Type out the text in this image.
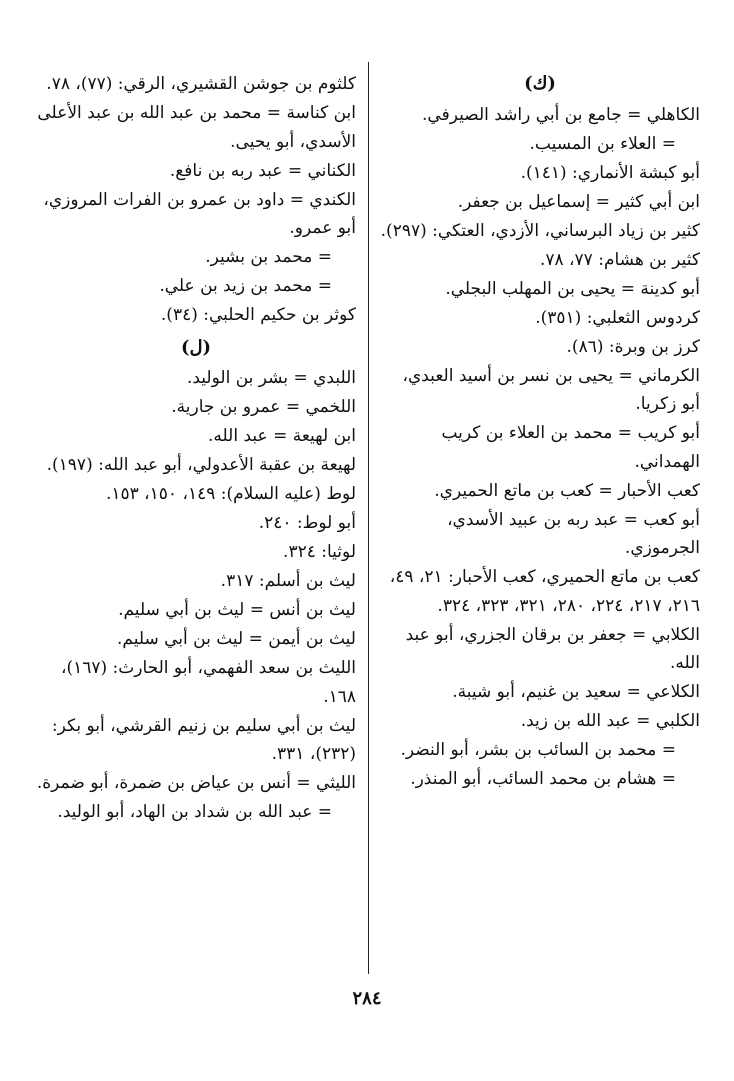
(ك)
الكاهلي = جامع بن أبي راشد الصيرفي.
= العلاء بن المسيب.
أبو كبشة الأنماري: (١٤١).
ابن أبي كثير = إسماعيل بن جعفر.
كثير بن زياد البرساني، الأزدي، العتكي: (٢٩٧).
كثير بن هشام: ٧٧، ٧٨.
أبو كدينة = يحيى بن المهلب البجلي.
كردوس الثعلبي: (٣٥١).
كرز بن وبرة: (٨٦).
الكرماني = يحيى بن نسر بن أسيد العبدي، أبو زكريا.
أبو كريب = محمد بن العلاء بن كريب الهمداني.
كعب الأحبار = كعب بن ماتع الحميري.
أبو كعب = عبد ربه بن عبيد الأسدي، الجرموزي.
كعب بن ماتع الحميري، كعب الأحبار: ٢١، ٤٩، ٢١٦، ٢١٧، ٢٢٤، ٢٨٠، ٣٢١، ٣٢٣، ٣٢٤.
الكلابي = جعفر بن برقان الجزري، أبو عبد الله.
الكلاعي = سعيد بن غنيم، أبو شيبة.
الكلبي = عبد الله بن زيد.
= محمد بن السائب بن بشر، أبو النضر.
= هشام بن محمد السائب، أبو المنذر.
كلثوم بن جوشن القشيري، الرقي: (٧٧)، ٧٨.
ابن كناسة = محمد بن عبد الله بن عبد الأعلى الأسدي، أبو يحيى.
الكناني = عبد ربه بن نافع.
الكندي = داود بن عمرو بن الفرات المروزي، أبو عمرو.
= محمد بن بشير.
= محمد بن زيد بن علي.
كوثر بن حكيم الحلبي: (٣٤).
(ل)
اللبدي = بشر بن الوليد.
اللخمي = عمرو بن جارية.
ابن لهيعة = عبد الله.
لهيعة بن عقبة الأعدولي، أبو عبد الله: (١٩٧).
لوط (عليه السلام): ١٤٩، ١٥٠، ١٥٣.
أبو لوط: ٢٤٠.
لوثيا: ٣٢٤.
ليث بن أسلم: ٣١٧.
ليث بن أنس = ليث بن أبي سليم.
ليث بن أيمن = ليث بن أبي سليم.
الليث بن سعد الفهمي، أبو الحارث: (١٦٧)، ١٦٨.
ليث بن أبي سليم بن زنيم القرشي، أبو بكر: (٢٣٢)، ٣٣١.
الليثي = أنس بن عياض بن ضمرة، أبو ضمرة.
= عبد الله بن شداد بن الهاد، أبو الوليد.
٢٨٤
